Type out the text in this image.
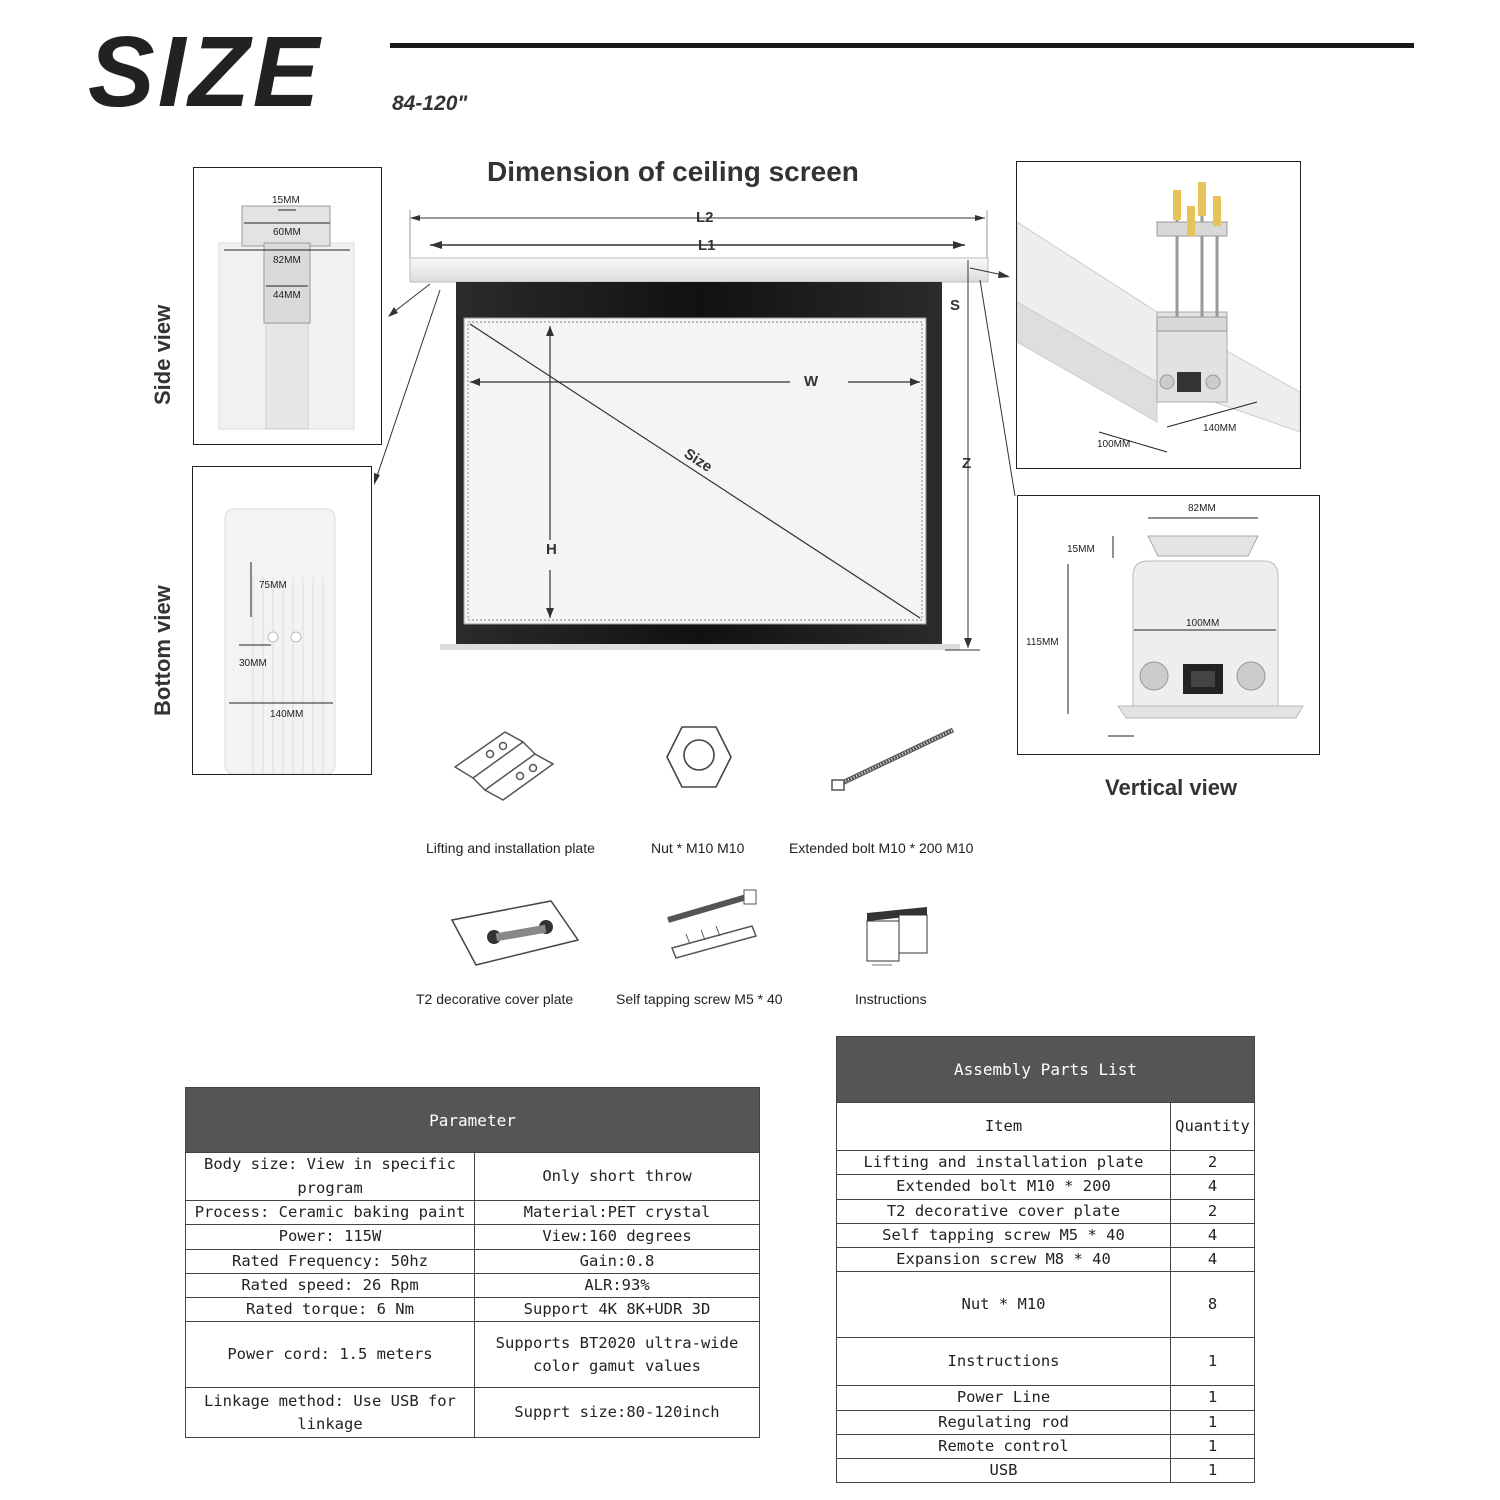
SIZE	84-120"
Dimension of ceiling screen
L2
L1
S
W
H
Z
Size
Side view
15MM
60MM
82MM
44MM
Bottom view	75MM
30MM
140MM
100MM
140MM
82MM
15MM
100MM
115MM
Vertical view
Lifting and installation plate	Nut * M10 M10	Extended bolt M10 * 200 M10
T2 decorative cover plate	Self tapping screw M5 * 40	Instructions
Parameter	
Body size: View in specific program	Only short throw
Process: Ceramic baking paint	Material:PET crystal
Power: 115W	View:160 degrees
Rated Frequency: 50hz	Gain:0.8
Rated speed: 26 Rpm	ALR:93%
Rated torque: 6 Nm	Support 4K 8K+UDR 3D
Power cord: 1.5 meters	Supports BT2020 ultra-wide color gamut values
Linkage method: Use USB for linkage	Supprt size:80-120inch
Assembly Parts List	
Item	Quantity
Lifting and installation plate	2
Extended bolt M10 * 200	4
T2 decorative cover plate	2
Self tapping screw M5 * 40	4
Expansion screw M8 * 40	4
Nut * M10	8
Instructions	1
Power Line	1
Regulating rod	1
Remote control	1
USB	1
